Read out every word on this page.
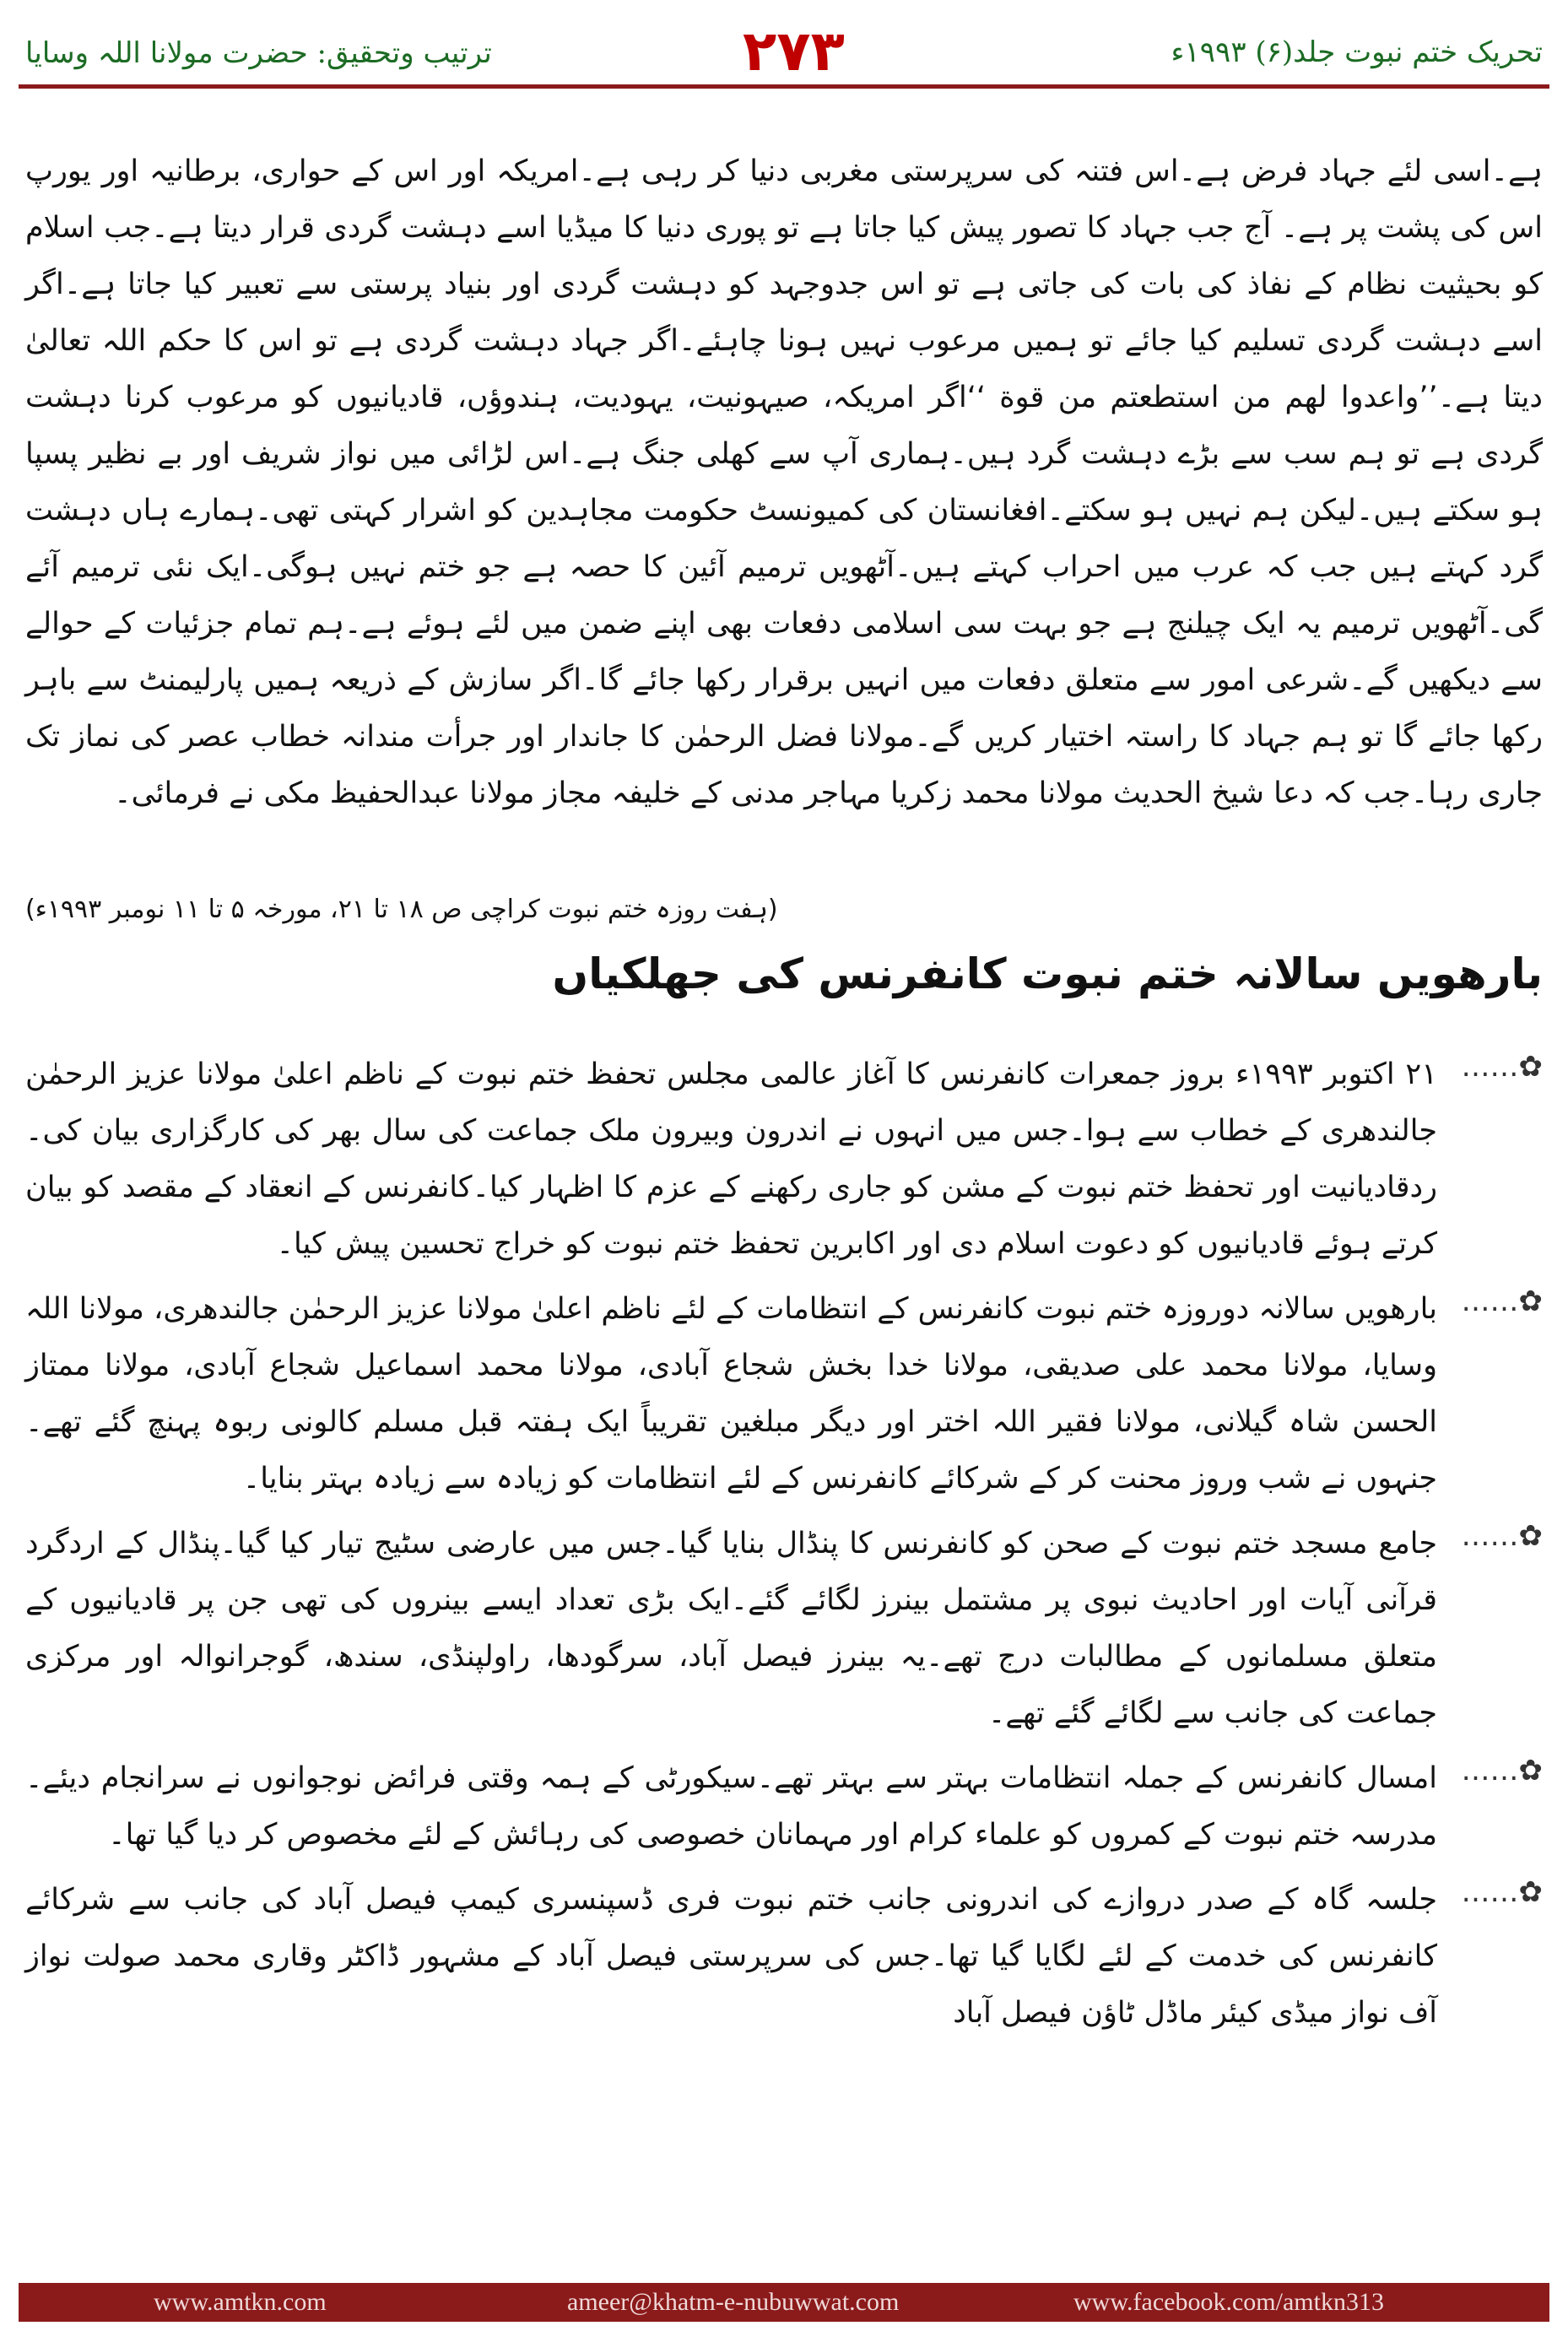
ترتیب وتحقیق: حضرت مولانا اللہ وسایا	۲۷۳	تحریک ختم نبوت جلد(۶) ۱۹۹۳ء

ہے۔اسی لئے جہاد فرض ہے۔اس فتنہ کی سرپرستی مغربی دنیا کر رہی ہے۔امریکہ اور اس کے حواری، برطانیہ اور یورپ اس کی پشت پر ہے۔ آج جب جہاد کا تصور پیش کیا جاتا ہے تو پوری دنیا کا میڈیا اسے دہشت گردی قرار دیتا ہے۔جب اسلام کو بحیثیت نظام کے نفاذ کی بات کی جاتی ہے تو اس جدوجہد کو دہشت گردی اور بنیاد پرستی سے تعبیر کیا جاتا ہے۔اگر اسے دہشت گردی تسلیم کیا جائے تو ہمیں مرعوب نہیں ہونا چاہئے۔اگر جہاد دہشت گردی ہے تو اس کا حکم اللہ تعالیٰ دیتا ہے۔’’واعدوا لهم من استطعتم من قوة ‘‘اگر امریکہ، صیہونیت، یہودیت، ہندوؤں، قادیانیوں کو مرعوب کرنا دہشت گردی ہے تو ہم سب سے بڑے دہشت گرد ہیں۔ہماری آپ سے کھلی جنگ ہے۔اس لڑائی میں نواز شریف اور بے نظیر پسپا ہو سکتے ہیں۔لیکن ہم نہیں ہو سکتے۔افغانستان کی کمیونسٹ حکومت مجاہدین کو اشرار کہتی تھی۔ہمارے ہاں دہشت گرد کہتے ہیں جب کہ عرب میں احراب کہتے ہیں۔آٹھویں ترمیم آئین کا حصہ ہے جو ختم نہیں ہوگی۔ایک نئی ترمیم آئے گی۔آٹھویں ترمیم یہ ایک چیلنج ہے جو بہت سی اسلامی دفعات بھی اپنے ضمن میں لئے ہوئے ہے۔ہم تمام جزئیات کے حوالے سے دیکھیں گے۔شرعی امور سے متعلق دفعات میں انہیں برقرار رکھا جائے گا۔اگر سازش کے ذریعہ ہمیں پارلیمنٹ سے باہر رکھا جائے گا تو ہم جہاد کا راستہ اختیار کریں گے۔مولانا فضل الرحمٰن کا جاندار اور جرأت مندانہ خطاب عصر کی نماز تک جاری رہا۔جب کہ دعا شیخ الحدیث مولانا محمد زکریا مہاجر مدنی کے خلیفہ مجاز مولانا عبدالحفیظ مکی نے فرمائی۔

(ہفت روزہ ختم نبوت کراچی ص ۱۸ تا ۲۱، مورخہ ۵ تا ۱۱ نومبر ۱۹۹۳ء)
بارھویں سالانہ ختم نبوت کانفرنس کی جھلکیاں
……✿
۲۱ اکتوبر ۱۹۹۳ء بروز جمعرات کانفرنس کا آغاز عالمی مجلس تحفظ ختم نبوت کے ناظم اعلیٰ مولانا عزیز الرحمٰن جالندھری کے خطاب سے ہوا۔جس میں انہوں نے اندرون وبیرون ملک جماعت کی سال بھر کی کارگزاری بیان کی۔ردقادیانیت اور تحفظ ختم نبوت کے مشن کو جاری رکھنے کے عزم کا اظہار کیا۔کانفرنس کے انعقاد کے مقصد کو بیان کرتے ہوئے قادیانیوں کو دعوت اسلام دی اور اکابرین تحفظ ختم نبوت کو خراج تحسین پیش کیا۔
……✿
بارھویں سالانہ دوروزہ ختم نبوت کانفرنس کے انتظامات کے لئے ناظم اعلیٰ مولانا عزیز الرحمٰن جالندھری، مولانا اللہ وسایا، مولانا محمد علی صدیقی، مولانا خدا بخش شجاع آبادی، مولانا محمد اسماعیل شجاع آبادی، مولانا ممتاز الحسن شاہ گیلانی، مولانا فقیر اللہ اختر اور دیگر مبلغین تقریباً ایک ہفتہ قبل مسلم کالونی ربوہ پہنچ گئے تھے۔جنہوں نے شب وروز محنت کر کے شرکائے کانفرنس کے لئے انتظامات کو زیادہ سے زیادہ بہتر بنایا۔
……✿
جامع مسجد ختم نبوت کے صحن کو کانفرنس کا پنڈال بنایا گیا۔جس میں عارضی سٹیج تیار کیا گیا۔پنڈال کے اردگرد قرآنی آیات اور احادیث نبوی پر مشتمل بینرز لگائے گئے۔ایک بڑی تعداد ایسے بینروں کی تھی جن پر قادیانیوں کے متعلق مسلمانوں کے مطالبات درج تھے۔یہ بینرز فیصل آباد، سرگودھا، راولپنڈی، سندھ، گوجرانوالہ اور مرکزی جماعت کی جانب سے لگائے گئے تھے۔
……✿
امسال کانفرنس کے جملہ انتظامات بہتر سے بہتر تھے۔سیکورٹی کے ہمہ وقتی فرائض نوجوانوں نے سرانجام دیئے۔مدرسہ ختم نبوت کے کمروں کو علماء کرام اور مہمانان خصوصی کی رہائش کے لئے مخصوص کر دیا گیا تھا۔
……✿
جلسہ گاہ کے صدر دروازے کی اندرونی جانب ختم نبوت فری ڈسپنسری کیمپ فیصل آباد کی جانب سے شرکائے کانفرنس کی خدمت کے لئے لگایا گیا تھا۔جس کی سرپرستی فیصل آباد کے مشہور ڈاکٹر وقاری محمد صولت نواز آف نواز میڈی کیئر ماڈل ٹاؤن فیصل آباد
www.amtkn.com	ameer@khatm-e-nubuwwat.com	www.facebook.com/amtkn313
